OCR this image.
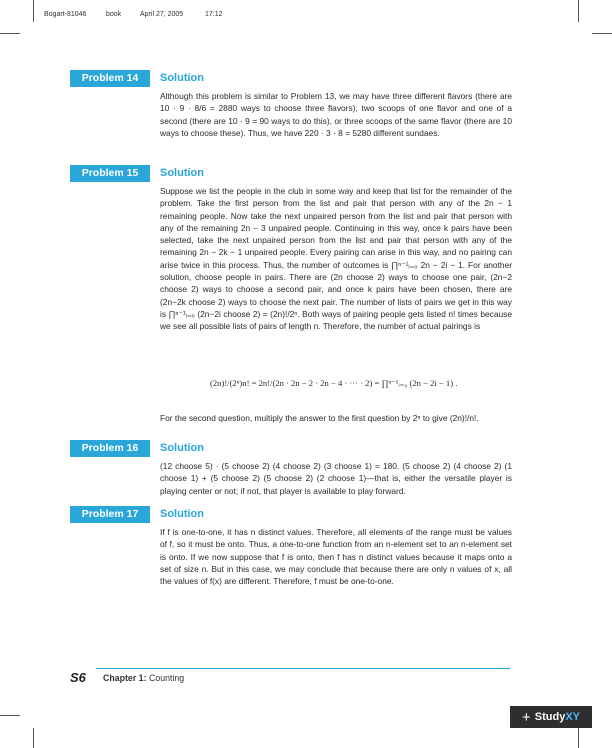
Bogart-81046	book	April 27, 2005	17:12
Problem 14	Solution

Although this problem is similar to Problem 13, we may have three different flavors (there are 10 · 9 · 8/6 = 2880 ways to choose three flavors), two scoops of one flavor and one of a second (there are 10 · 9 = 90 ways to do this), or three scoops of the same flavor (there are 10 ways to choose these). Thus, we have 220 · 3 · 8 = 5280 different sundaes.

Problem 15	Solution

Suppose we list the people in the club in some way and keep that list for the remainder of the problem. Take the first person from the list and pair that person with any of the 2n − 1 remaining people. Now take the next unpaired person from the list and pair that person with any of the remaining 2n − 3 unpaired people. Continuing in this way, once k pairs have been selected, take the next unpaired person from the list and pair that person with any of the remaining 2n − 2k − 1 unpaired people. Every pairing can arise in this way, and no pairing can arise twice in this process. Thus, the number of outcomes is ∏ⁿ⁻¹ᵢ₌₀ 2n − 2i − 1. For another solution, choose people in pairs. There are (2n choose 2) ways to choose one pair, (2n−2 choose 2) ways to choose a second pair, and once k pairs have been chosen, there are (2n−2k choose 2) ways to choose the next pair. The number of lists of pairs we get in this way is ∏ⁿ⁻¹ᵢ₌₀ (2n−2i choose 2) = (2n)!/2ⁿ. Both ways of pairing people gets listed n! times because we see all possible lists of pairs of length n. Therefore, the number of actual pairings is

(2n)!/(2ⁿ)n! = 2n!/(2n · 2n − 2 · 2n − 4 · ··· · 2) = ∏ⁿ⁻¹ᵢ₌₀ (2n − 2i − 1) .

For the second question, multiply the answer to the first question by 2ⁿ to give (2n)!/n!.

Problem 16	Solution

(12 choose 5) · (5 choose 2) (4 choose 2) (3 choose 1) = 180. (5 choose 2) (4 choose 2) (1 choose 1) + (5 choose 2) (5 choose 2) (2 choose 1)—that is, either the versatile player is playing center or not; if not, that player is available to play forward.

Problem 17	Solution

If f is one-to-one, it has n distinct values. Therefore, all elements of the range must be values of f, so it must be onto. Thus, a one-to-one function from an n-element set to an n-element set is onto. If we now suppose that f is onto, then f has n distinct values because it maps onto a set of size n. But in this case, we may conclude that because there are only n values of x, all the values of f(x) are different. Therefore, f must be one-to-one.

S6 Chapter 1: Counting
+ StudyXY
